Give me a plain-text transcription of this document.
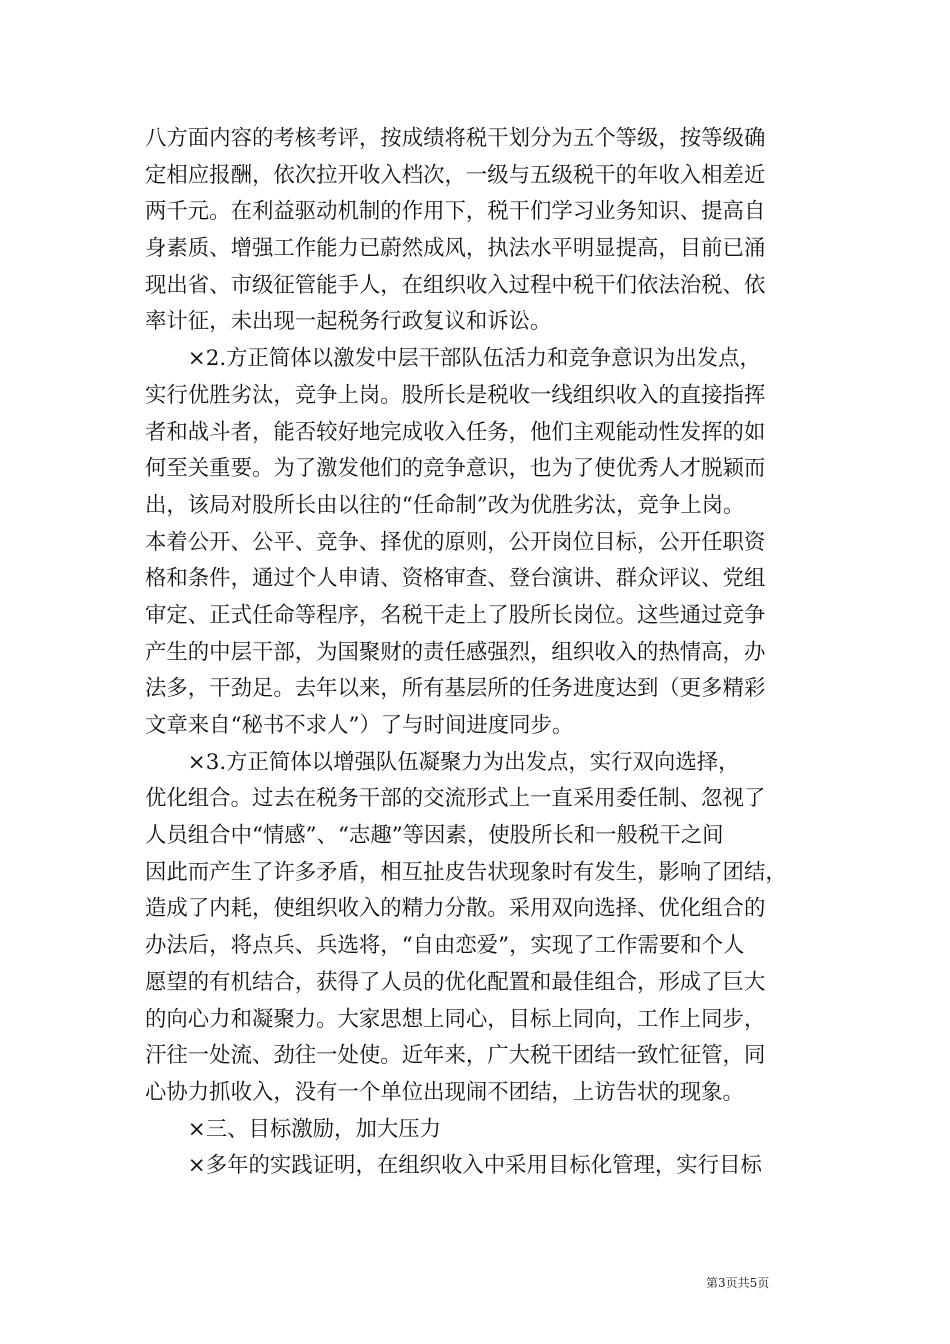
八方面内容的考核考评，按成绩将税干划分为五个等级，按等级确
定相应报酬，依次拉开收入档次，一级与五级税干的年收入相差近
两千元。在利益驱动机制的作用下，税干们学习业务知识、提高自
身素质、增强工作能力已蔚然成风，执法水平明显提高，目前已涌
现出省、市级征管能手人，在组织收入过程中税干们依法治税、依
率计征，未出现一起税务行政复议和诉讼。
　　×2.方正简体以激发中层干部队伍活力和竞争意识为出发点，
实行优胜劣汰，竞争上岗。股所长是税收一线组织收入的直接指挥
者和战斗者，能否较好地完成收入任务，他们主观能动性发挥的如
何至关重要。为了激发他们的竞争意识，也为了使优秀人才脱颖而
出，该局对股所长由以往的“任命制”改为优胜劣汰，竞争上岗。
本着公开、公平、竞争、择优的原则，公开岗位目标，公开任职资
格和条件，通过个人申请、资格审查、登台演讲、群众评议、党组
审定、正式任命等程序，名税干走上了股所长岗位。这些通过竞争
产生的中层干部，为国聚财的责任感强烈，组织收入的热情高，办
法多，干劲足。去年以来，所有基层所的任务进度达到（更多精彩
文章来自“秘书不求人”）了与时间进度同步。
　　×3.方正简体以增强队伍凝聚力为出发点，实行双向选择，
优化组合。过去在税务干部的交流形式上一直采用委任制、忽视了
人员组合中“情感”、“志趣”等因素，使股所长和一般税干之间
因此而产生了许多矛盾，相互扯皮告状现象时有发生，影响了团结，
造成了内耗，使组织收入的精力分散。采用双向选择、优化组合的
办法后，将点兵、兵选将，“自由恋爱”，实现了工作需要和个人
愿望的有机结合，获得了人员的优化配置和最佳组合，形成了巨大
的向心力和凝聚力。大家思想上同心，目标上同向，工作上同步，
汗往一处流、劲往一处使。近年来，广大税干团结一致忙征管，同
心协力抓收入，没有一个单位出现闹不团结，上访告状的现象。
　　×三、目标激励，加大压力
　　×多年的实践证明，在组织收入中采用目标化管理，实行目标
第3页共5页
